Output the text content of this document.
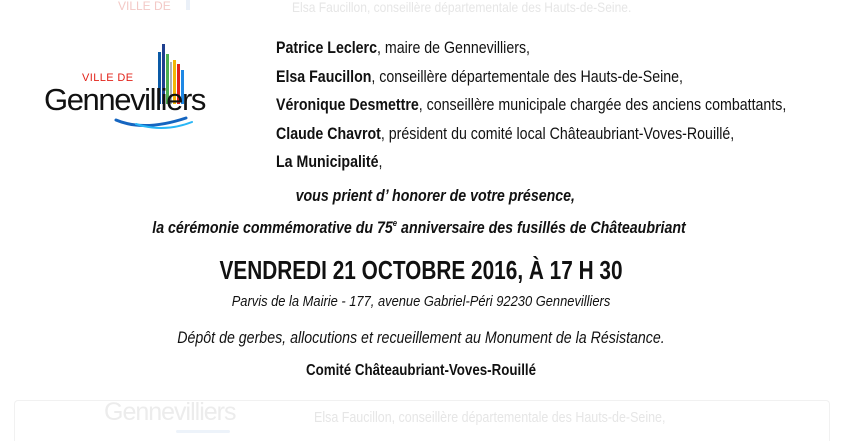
VILLE DE	Elsa Faucillon, conseillère départementale des Hauts-de-Seine.
Gennevilliers	Elsa Faucillon, conseillère départementale des Hauts-de-Seine,
VILLE DE
Gennevilliers
Patrice Leclerc, maire de Gennevilliers,
Elsa Faucillon, conseillère départementale des Hauts-de-Seine,
Véronique Desmettre, conseillère municipale chargée des anciens combattants,
Claude Chavrot, président du comité local Châteaubriant-Voves-Rouillé,
La Municipalité,
vous prient d’ honorer de votre présence,
la cérémonie commémorative du 75e anniversaire des fusillés de Châteaubriant
VENDREDI 21 OCTOBRE 2016, À 17 H 30
Parvis de la Mairie - 177, avenue Gabriel-Péri 92230 Gennevilliers
Dépôt de gerbes, allocutions et recueillement au Monument de la Résistance.
Comité Châteaubriant-Voves-Rouillé
